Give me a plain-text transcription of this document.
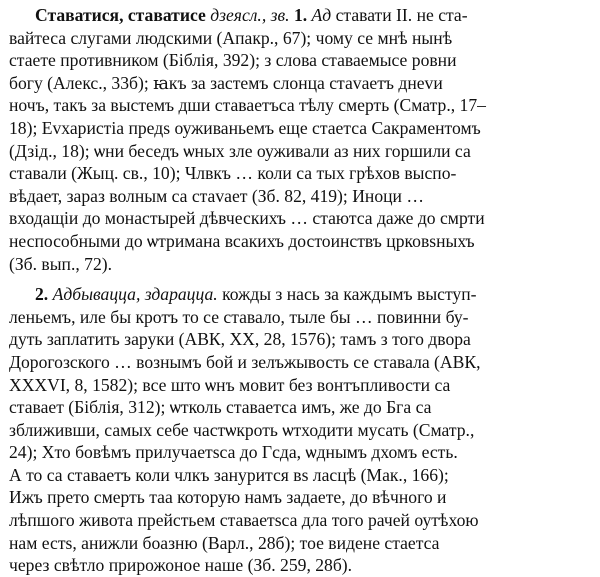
Ставатися, ставатисе дзеясл., зв. 1. Ад ставати II. не ста-
вайтеса слугами людскими (Апакр., 67); чому се мнѣ нынѣ
стаете противником (Біблія, 392); з слова ставаемысе ровни
богу (Алекс., 33б); ꙗкъ за застемъ слонца стаvаетъ днеvи
ночъ, такъ за выстемъ дши ставаетъса тѣлу смерть (Сматр., 17–
18); Еvхаристіа предs оуживаньемъ еще стаетса Сакраментомъ
(Дзід., 18); ѡни беседъ ѡных зле оуживали аз них горшили са
ставали (Жыц. св., 10); Члвкъ … коли са тых грѣхов выспо-
вѣдает, зараз волным са стаvает (Зб. 82, 419); Иноци …
входащіи до монастырей дѣвческихъ … стаютса даже до смрти
неспособными до ѡтримана всакихъ достоинствъ црковsныхъ
(Зб. вып., 72).
2. Адбывацца, здарацца. кожды з нась за каждымъ выступ-
леньемъ, иле бы кротъ то се ставало, тыле бы … повинни бу-
дуть заплатить заруки (АВК, XX, 28, 1576); тамъ з того двора
Дорогозского … вознымъ бой и зелъжывость се ставала (АВК,
XXXVI, 8, 1582); все што ѡнъ мовит без вонтъпливости са
ставает (Біблія, 312); ѡтколь ставаетса имъ, же до Бга са
зближивши, самых себе частѡкроть ѡтходити мусать (Сматр.,
24); Хто бовѣмъ прилучаетsса до Гсда, ѡднымъ дхомъ есть.
А то са ставаетъ коли члкъ занурится вs ласцѣ (Мак., 166);
Ижъ прето смерть таа которую намъ задаете, до вѣчного и
лѣпшого живота прейстьем ставаетsса дла того рачей оутѣхою
нам естs, анижли боазню (Варл., 28б); тое видене стаетса
через свѣтло прирожоное наше (Зб. 259, 28б).
